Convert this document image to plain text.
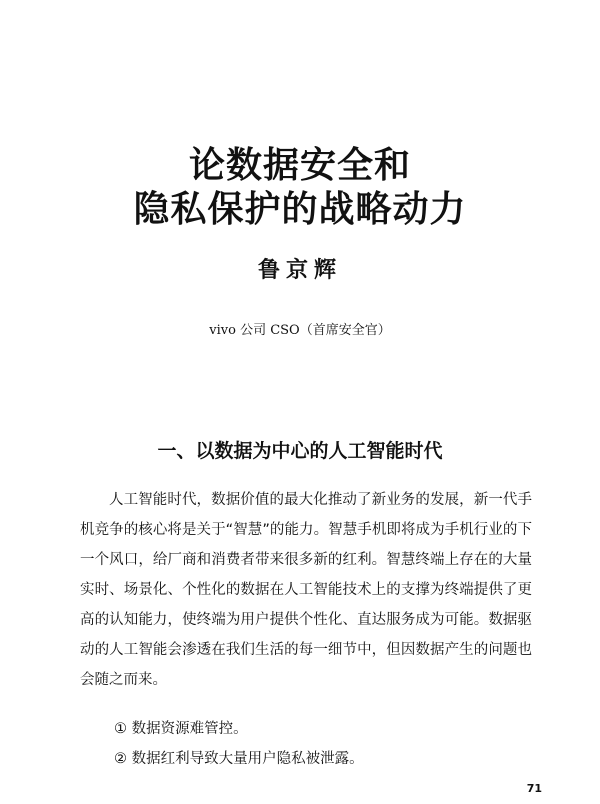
论数据安全和
隐私保护的战略动力
鲁京辉
vivo 公司 CSO（首席安全官）
一、以数据为中心的人工智能时代

人工智能时代，数据价值的最大化推动了新业务的发展，新一代手机竞争的核心将是关于“智慧”的能力。智慧手机即将成为手机行业的下一个风口，给厂商和消费者带来很多新的红利。智慧终端上存在的大量实时、场景化、个性化的数据在人工智能技术上的支撑为终端提供了更高的认知能力，使终端为用户提供个性化、直达服务成为可能。数据驱动的人工智能会渗透在我们生活的每一细节中，但因数据产生的问题也会随之而来。

① 数据资源难管控。
② 数据红利导致大量用户隐私被泄露。
71
